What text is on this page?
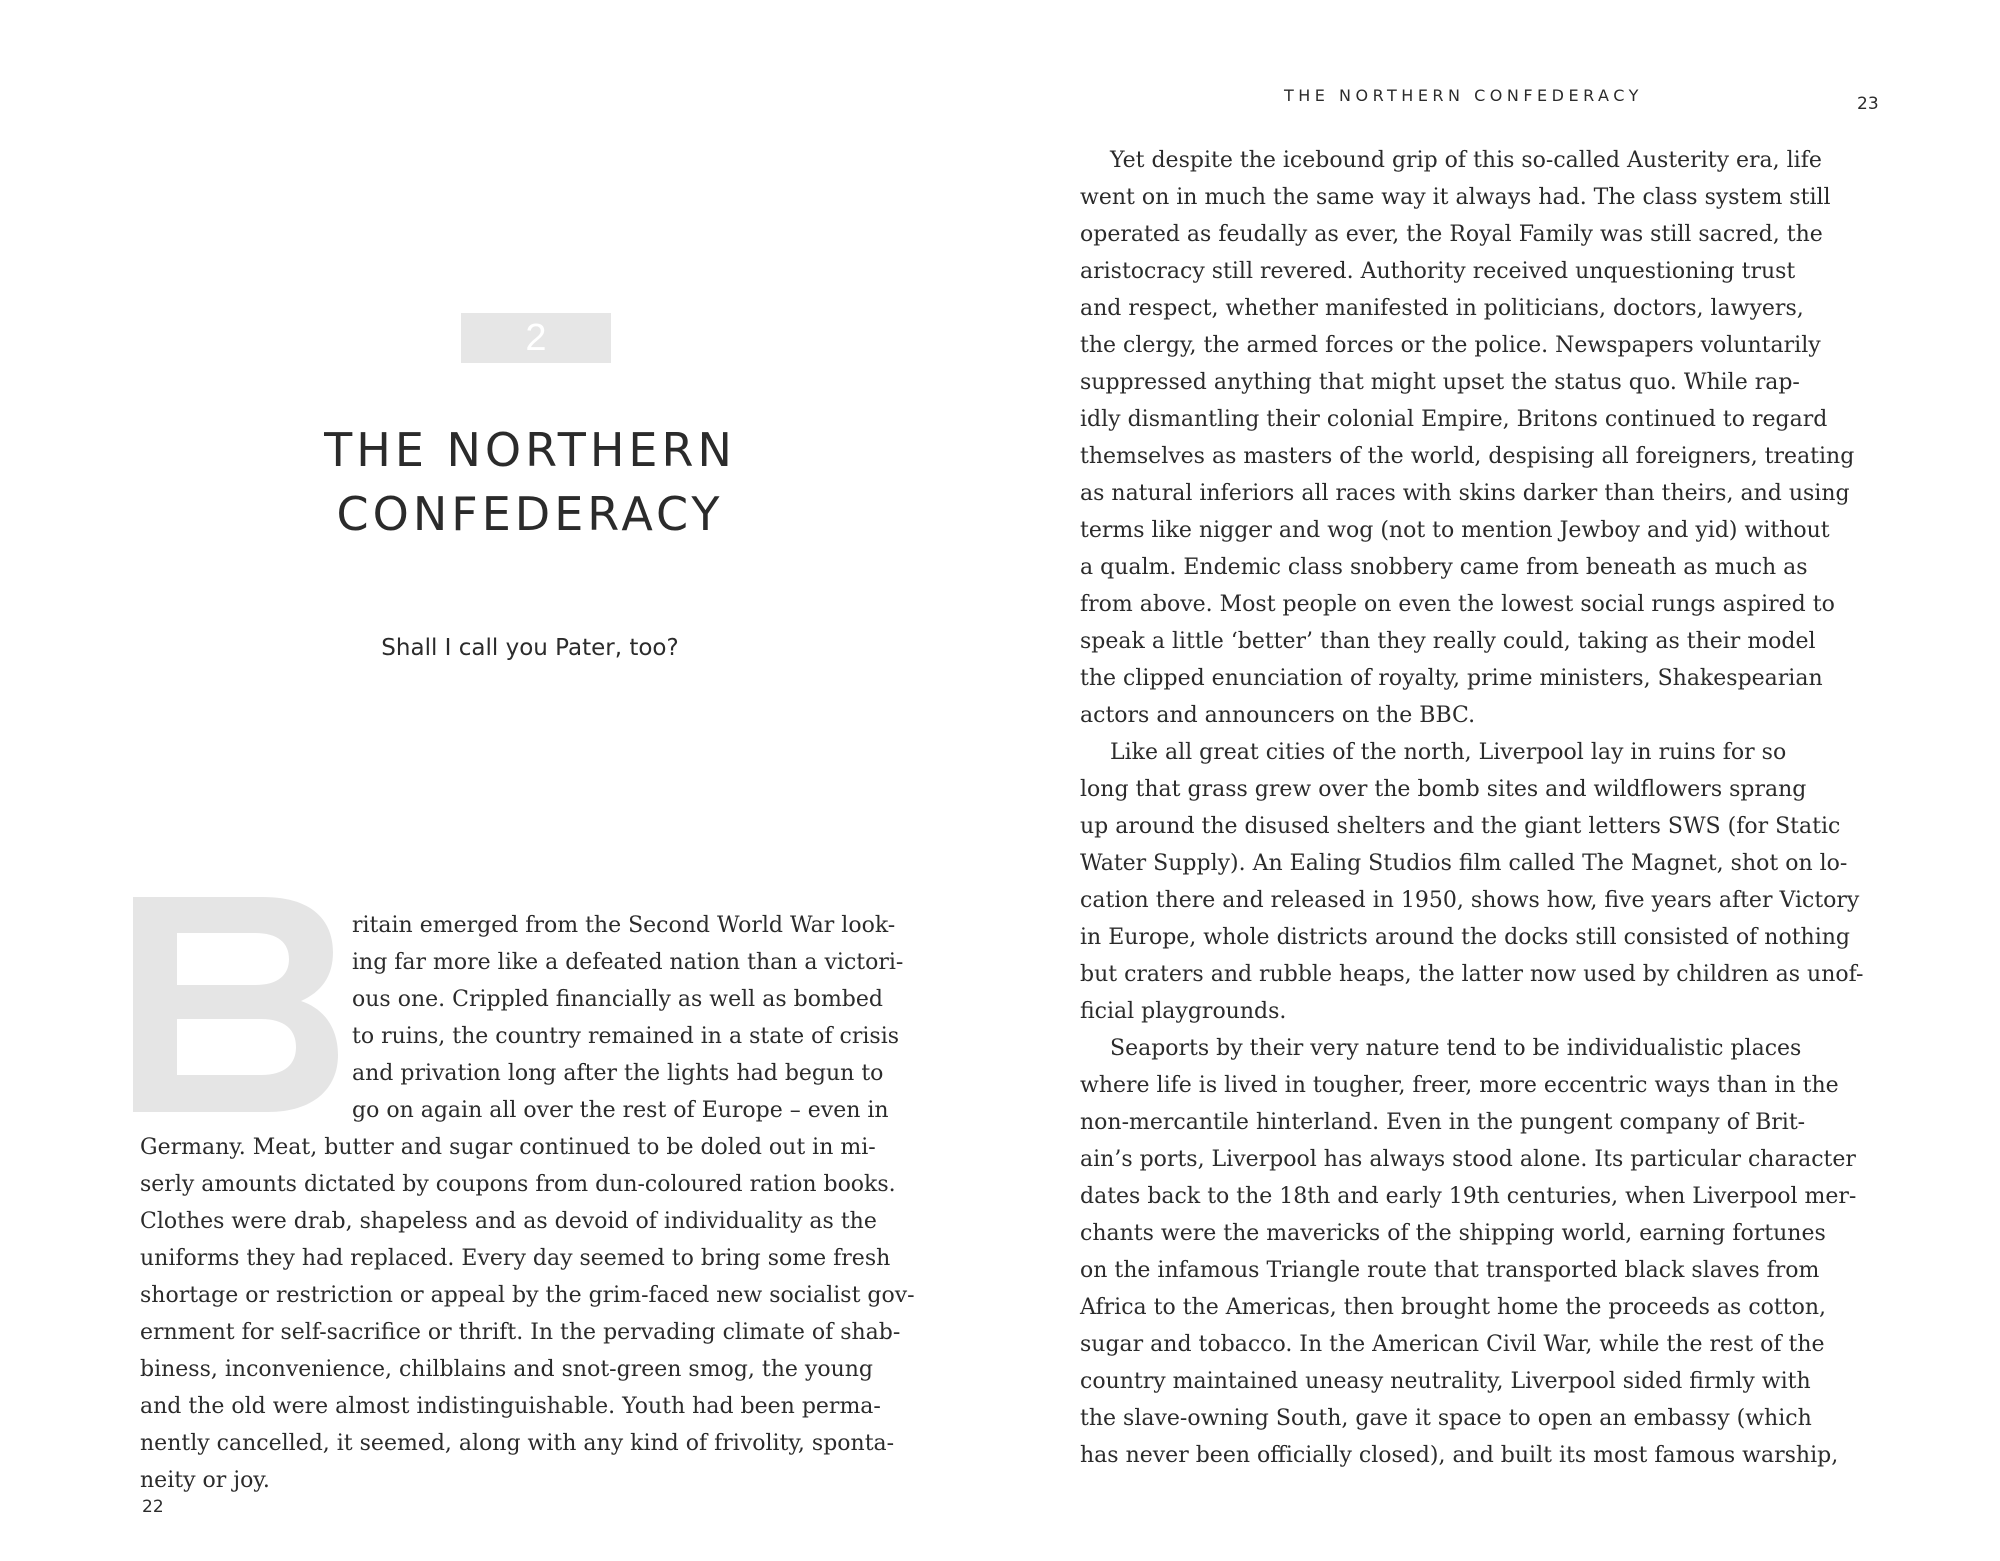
2
THE NORTHERN
CONFEDERACY
Shall I call you Pater, too?
B
ritain emerged from the Second World War look-
ing far more like a defeated nation than a victori-
ous one. Crippled financially as well as bombed
to ruins, the country remained in a state of crisis
and privation long after the lights had begun to
go on again all over the rest of Europe – even in
Germany. Meat, butter and sugar continued to be doled out in mi-
serly amounts dictated by coupons from dun-coloured ration books.
Clothes were drab, shapeless and as devoid of individuality as the
uniforms they had replaced. Every day seemed to bring some fresh
shortage or restriction or appeal by the grim-faced new socialist gov-
ernment for self-sacrifice or thrift. In the pervading climate of shab-
biness, inconvenience, chilblains and snot-green smog, the young
and the old were almost indistinguishable. Youth had been perma-
nently cancelled, it seemed, along with any kind of frivolity, sponta-
neity or joy.
22
THE NORTHERN CONFEDERACY	23
Yet despite the icebound grip of this so-called Austerity era, life
went on in much the same way it always had. The class system still
operated as feudally as ever, the Royal Family was still sacred, the
aristocracy still revered. Authority received unquestioning trust
and respect, whether manifested in politicians, doctors, lawyers,
the clergy, the armed forces or the police. Newspapers voluntarily
suppressed anything that might upset the status quo. While rap-
idly dismantling their colonial Empire, Britons continued to regard
themselves as masters of the world, despising all foreigners, treating
as natural inferiors all races with skins darker than theirs, and using
terms like nigger and wog (not to mention Jewboy and yid) without
a qualm. Endemic class snobbery came from beneath as much as
from above. Most people on even the lowest social rungs aspired to
speak a little ‘better’ than they really could, taking as their model
the clipped enunciation of royalty, prime ministers, Shakespearian
actors and announcers on the BBC.
Like all great cities of the north, Liverpool lay in ruins for so
long that grass grew over the bomb sites and wildflowers sprang
up around the disused shelters and the giant letters SWS (for Static
Water Supply). An Ealing Studios film called The Magnet, shot on lo-
cation there and released in 1950, shows how, five years after Victory
in Europe, whole districts around the docks still consisted of nothing
but craters and rubble heaps, the latter now used by children as unof-
ficial playgrounds.
Seaports by their very nature tend to be individualistic places
where life is lived in tougher, freer, more eccentric ways than in the
non-mercantile hinterland. Even in the pungent company of Brit-
ain’s ports, Liverpool has always stood alone. Its particular character
dates back to the 18th and early 19th centuries, when Liverpool mer-
chants were the mavericks of the shipping world, earning fortunes
on the infamous Triangle route that transported black slaves from
Africa to the Americas, then brought home the proceeds as cotton,
sugar and tobacco. In the American Civil War, while the rest of the
country maintained uneasy neutrality, Liverpool sided firmly with
the slave-owning South, gave it space to open an embassy (which
has never been officially closed), and built its most famous warship,
